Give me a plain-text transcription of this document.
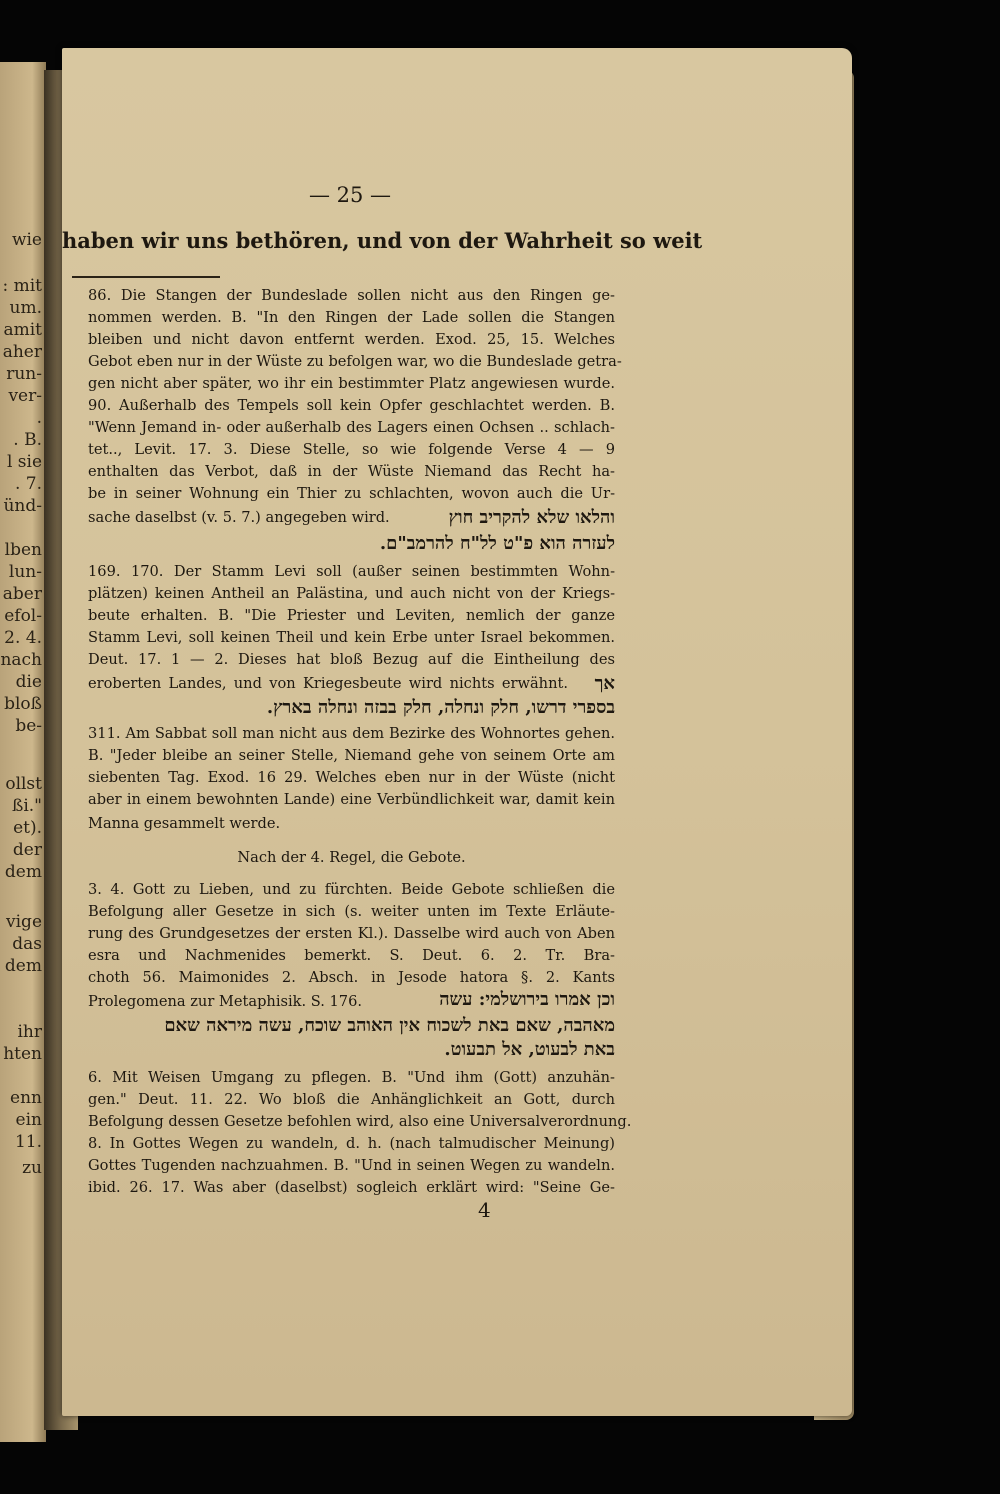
wie
: mit
um.
amit
aher
run-
ver-
.
. B.
l sie
. 7.
ünd-
lben
lun-
aber
efol-
2. 4.
nach
die
bloß
be-
ollst
ßi."
et).
der
dem
vige
das
dem
ihr
hten
enn
ein
11.
zu
— 25 —
haben wir uns bethören, und von der Wahrheit so weit
86. Die Stangen der Bundeslade sollen nicht aus den Ringen ge-
nommen werden. B. "In den Ringen der Lade sollen die Stangen
bleiben und nicht davon entfernt werden. Exod. 25, 15. Welches
Gebot eben nur in der Wüste zu befolgen war, wo die Bundeslade getra-
gen nicht aber später, wo ihr ein bestimmter Platz angewiesen wurde.
90. Außerhalb des Tempels soll kein Opfer geschlachtet werden. B.
"Wenn Jemand in- oder außerhalb des Lagers einen Ochsen .. schlach-
tet.., Levit. 17. 3. Diese Stelle, so wie folgende Verse 4 — 9
enthalten das Verbot, daß in der Wüste Niemand das Recht ha-
be in seiner Wohnung ein Thier zu schlachten, wovon auch die Ur-
sache daselbst (v. 5. 7.) angegeben wird.	והלאו שלא להקריב חוץ
לעזרה הוא פ"ט לל"ח להרמב"ם.
169. 170. Der Stamm Levi soll (außer seinen bestimmten Wohn-
plätzen) keinen Antheil an Palästina, und auch nicht von der Kriegs-
beute erhalten. B. "Die Priester und Leviten, nemlich der ganze
Stamm Levi, soll keinen Theil und kein Erbe unter Israel bekommen.
Deut. 17. 1 — 2. Dieses hat bloß Bezug auf die Eintheilung des
eroberten Landes, und von Kriegesbeute wird nichts erwähnt.	אך
בספרי דרשו, חלק ונחלה, חלק בבזה ונחלה בארץ.
311. Am Sabbat soll man nicht aus dem Bezirke des Wohnortes gehen.
B. "Jeder bleibe an seiner Stelle, Niemand gehe von seinem Orte am
siebenten Tag. Exod. 16 29. Welches eben nur in der Wüste (nicht
aber in einem bewohnten Lande) eine Verbündlichkeit war, damit kein
Manna gesammelt werde.
Nach der 4. Regel, die Gebote.
3. 4. Gott zu Lieben, und zu fürchten. Beide Gebote schließen die
Befolgung aller Gesetze in sich (s. weiter unten im Texte Erläute-
rung des Grundgesetzes der ersten Kl.). Dasselbe wird auch von Aben
esra und Nachmenides bemerkt. S. Deut. 6. 2. Tr. Bra-
choth 56. Maimonides 2. Absch. in Jesode hatora §. 2. Kants
Prolegomena zur Metaphisik. S. 176.	וכן אמרו בירושלמי: עשה
מאהבה, שאם באת לשכוח אין האוהב שוכח, עשה מיראה שאם
באת לבעוט, אל תבעוט.
6. Mit Weisen Umgang zu pflegen. B. "Und ihm (Gott) anzuhän-
gen." Deut. 11. 22. Wo bloß die Anhänglichkeit an Gott, durch
Befolgung dessen Gesetze befohlen wird, also eine Universalverordnung.
8. In Gottes Wegen zu wandeln, d. h. (nach talmudischer Meinung)
Gottes Tugenden nachzuahmen. B. "Und in seinen Wegen zu wandeln.
ibid. 26. 17. Was aber (daselbst) sogleich erklärt wird: "Seine Ge-
4
